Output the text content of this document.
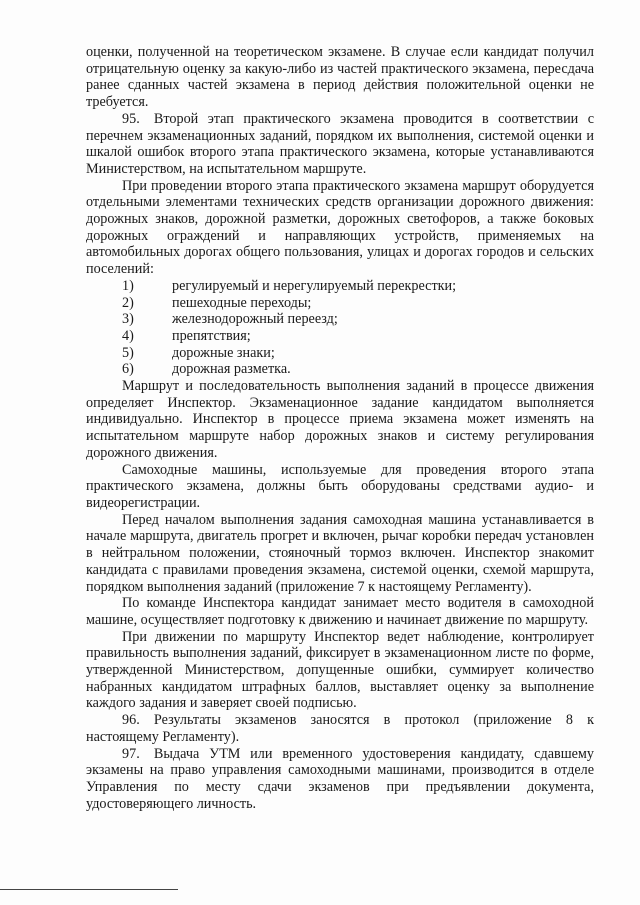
оценки, полученной на теоретическом экзамене. В случае если кандидат получил отрицательную оценку за какую-либо из частей практического экзамена, пересдача ранее сданных частей экзамена в период действия положительной оценки не требуется.

95. Второй этап практического экзамена проводится в соответствии с перечнем экзаменационных заданий, порядком их выполнения, системой оценки и шкалой ошибок второго этапа практического экзамена, которые устанавливаются Министерством, на испытательном маршруте.

При проведении второго этапа практического экзамена маршрут оборудуется отдельными элементами технических средств организации дорожного движения: дорожных знаков, дорожной разметки, дорожных светофоров, а также боковых дорожных ограждений и направляющих устройств, применяемых на автомобильных дорогах общего пользования, улицах и дорогах городов и сельских поселений:

1)	регулируемый и нерегулируемый перекрестки;
2)	пешеходные переходы;
3)	железнодорожный переезд;
4)	препятствия;
5)	дорожные знаки;
6)	дорожная разметка.

Маршрут и последовательность выполнения заданий в процессе движения определяет Инспектор. Экзаменационное задание кандидатом выполняется индивидуально. Инспектор в процессе приема экзамена может изменять на испытательном маршруте набор дорожных знаков и систему регулирования дорожного движения.

Самоходные машины, используемые для проведения второго этапа практического экзамена, должны быть оборудованы средствами аудио- и видеорегистрации.

Перед началом выполнения задания самоходная машина устанавливается в начале маршрута, двигатель прогрет и включен, рычаг коробки передач установлен в нейтральном положении, стояночный тормоз включен. Инспектор знакомит кандидата с правилами проведения экзамена, системой оценки, схемой маршрута, порядком выполнения заданий (приложение 7 к настоящему Регламенту).

По команде Инспектора кандидат занимает место водителя в самоходной машине, осуществляет подготовку к движению и начинает движение по маршруту.

При движении по маршруту Инспектор ведет наблюдение, контролирует правильность выполнения заданий, фиксирует в экзаменационном листе по форме, утвержденной Министерством, допущенные ошибки, суммирует количество набранных кандидатом штрафных баллов, выставляет оценку за выполнение каждого задания и заверяет своей подписью.

96. Результаты экзаменов заносятся в протокол (приложение 8 к настоящему Регламенту).

97. Выдача УТМ или временного удостоверения кандидату, сдавшему экзамены на право управления самоходными машинами, производится в отделе Управления по месту сдачи экзаменов при предъявлении документа, удостоверяющего личность.
